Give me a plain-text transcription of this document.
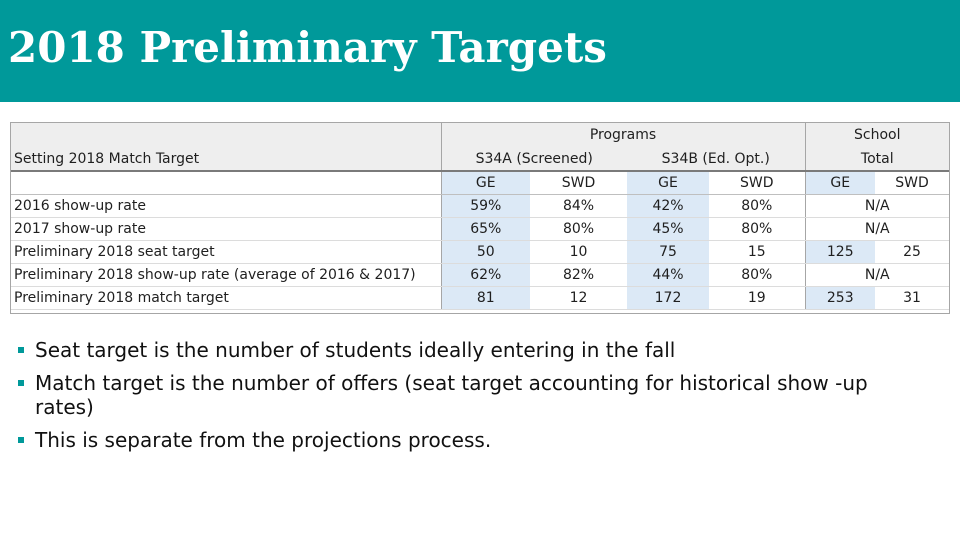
2018 Preliminary Targets
	Programs				School	
Setting 2018 Match Target	S34A (Screened)		S34B (Ed. Opt.)		Total	
	GE	SWD	GE	SWD	GE	SWD
2016 show-up rate	59%	84%	42%	80%	N/A	
2017 show-up rate	65%	80%	45%	80%	N/A	
Preliminary 2018 seat target	50	10	75	15	125	25
Preliminary 2018 show-up rate (average of 2016 & 2017)	62%	82%	44%	80%	N/A	
Preliminary 2018 match target	81	12	172	19	253	31
Seat target is the number of students ideally entering in the fall
Match target is the number of offers (seat target accounting for historical show -up rates)
This is separate from the projections process.
